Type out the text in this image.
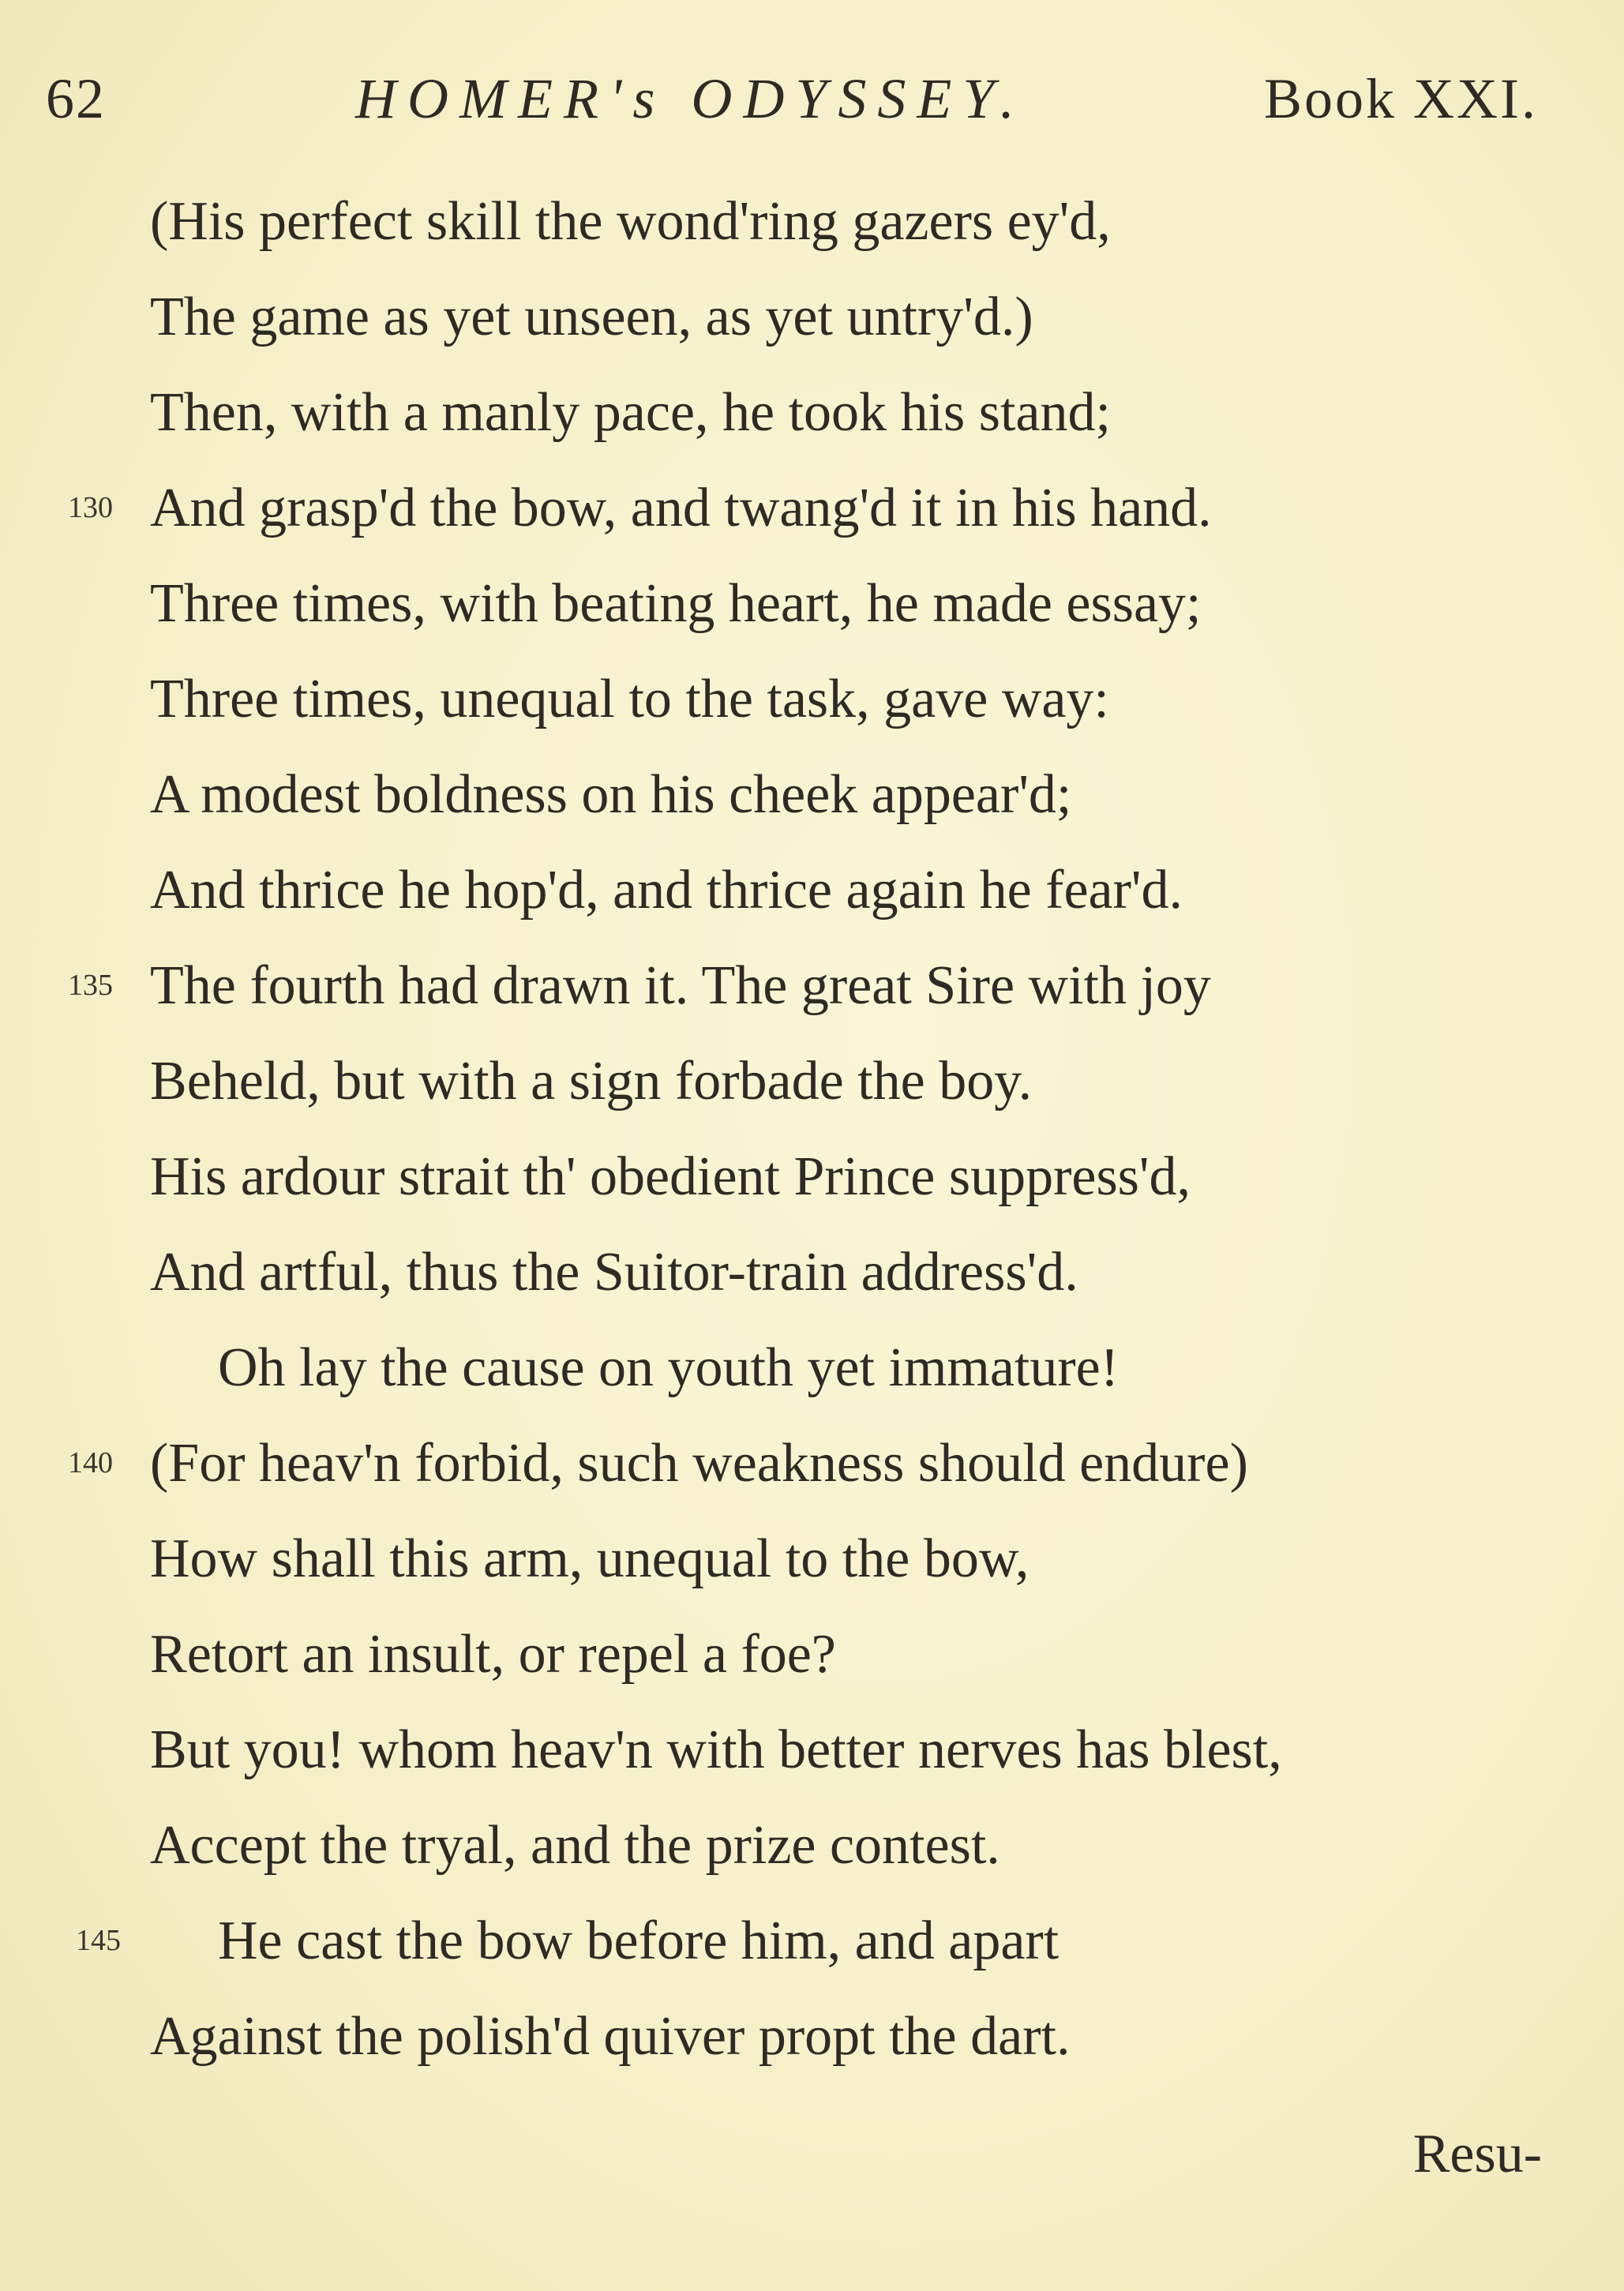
62	HOMER's ODYSSEY.	Book XXI.
(His perfect skill the wond'ring gazers ey'd,
The game as yet unseen, as yet untry'd.)
Then, with a manly pace, he took his stand;
130 And grasp'd the bow, and twang'd it in his hand.
Three times, with beating heart, he made essay;
Three times, unequal to the task, gave way:
A modest boldness on his cheek appear'd;
And thrice he hop'd, and thrice again he fear'd.
135 The fourth had drawn it. The great Sire with joy
Beheld, but with a sign forbade the boy.
His ardour strait th' obedient Prince suppress'd,
And artful, thus the Suitor-train address'd.
Oh lay the cause on youth yet immature!
140 (For heav'n forbid, such weakness should endure)
How shall this arm, unequal to the bow,
Retort an insult, or repel a foe?
But you! whom heav'n with better nerves has blest,
Accept the tryal, and the prize contest.
145 He cast the bow before him, and apart
Against the polish'd quiver propt the dart.
Resu-
